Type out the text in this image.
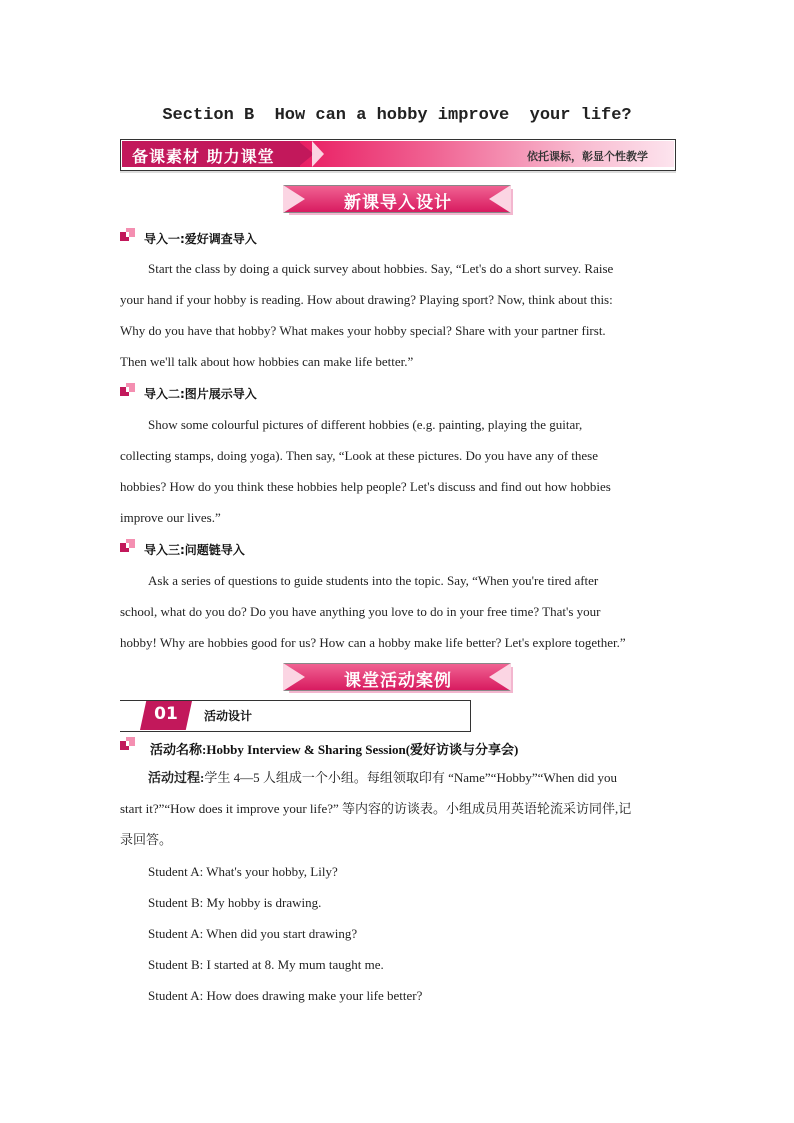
Section B  How can a hobby improve  your life?
备课素材 助力课堂	依托课标，彰显个性教学
新课导入设计
导入一:爱好调查导入
Start the class by doing a quick survey about hobbies. Say, “Let's do a short survey. Raise
your hand if your hobby is reading. How about drawing? Playing sport? Now, think about this:
Why do you have that hobby? What makes your hobby special? Share with your partner first.
Then we'll talk about how hobbies can make life better.”
导入二:图片展示导入
Show some colourful pictures of different hobbies (e.g. painting, playing the guitar,
collecting stamps, doing yoga). Then say, “Look at these pictures. Do you have any of these
hobbies? How do you think these hobbies help people? Let's discuss and find out how hobbies
improve our lives.”
导入三:问题链导入
Ask a series of questions to guide students into the topic. Say, “When you're tired after
school, what do you do? Do you have anything you love to do in your free time? That's your
hobby! Why are hobbies good for us? How can a hobby make life better? Let's explore together.”
课堂活动案例
01	活动设计
活动名称:Hobby Interview & Sharing Session(爱好访谈与分享会)
活动过程:学生 4—5 人组成一个小组。每组领取印有 “Name”“Hobby”“When did you
start it?”“How does it improve your life?” 等内容的访谈表。小组成员用英语轮流采访同伴,记
录回答。
Student A: What's your hobby, Lily?
Student B: My hobby is drawing.
Student A: When did you start drawing?
Student B: I started at 8. My mum taught me.
Student A: How does drawing make your life better?
